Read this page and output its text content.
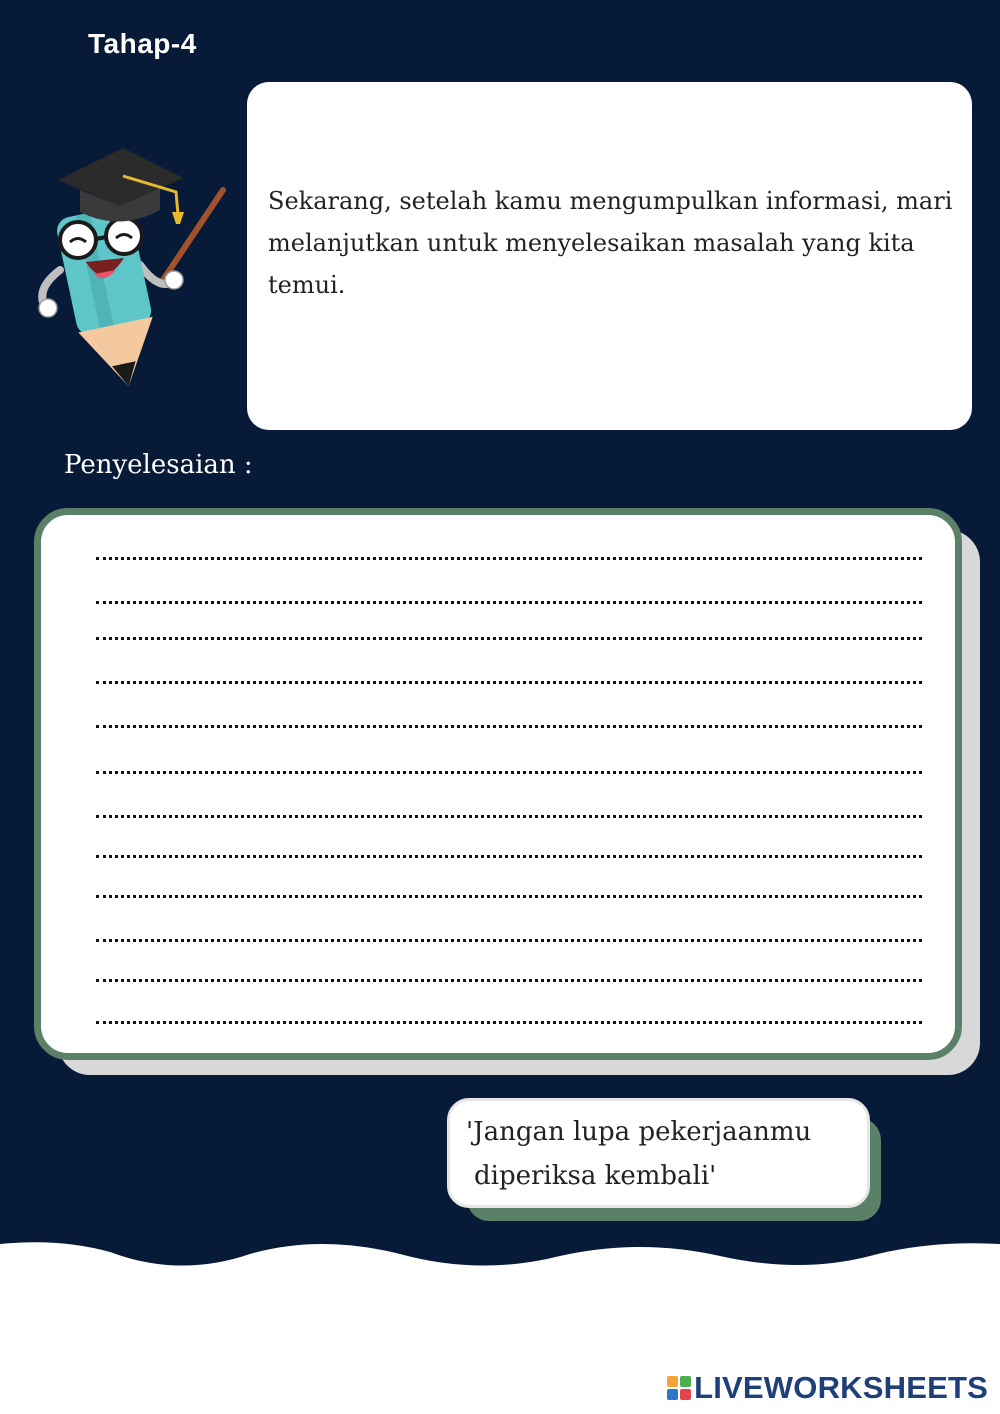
Tahap-4
Sekarang, setelah kamu mengumpulkan informasi, mari melanjutkan untuk menyelesaikan masalah yang kita temui.
Penyelesaian :
'Jangan lupa pekerjaanmu
diperiksa kembali'
LIVEWORKSHEETS
